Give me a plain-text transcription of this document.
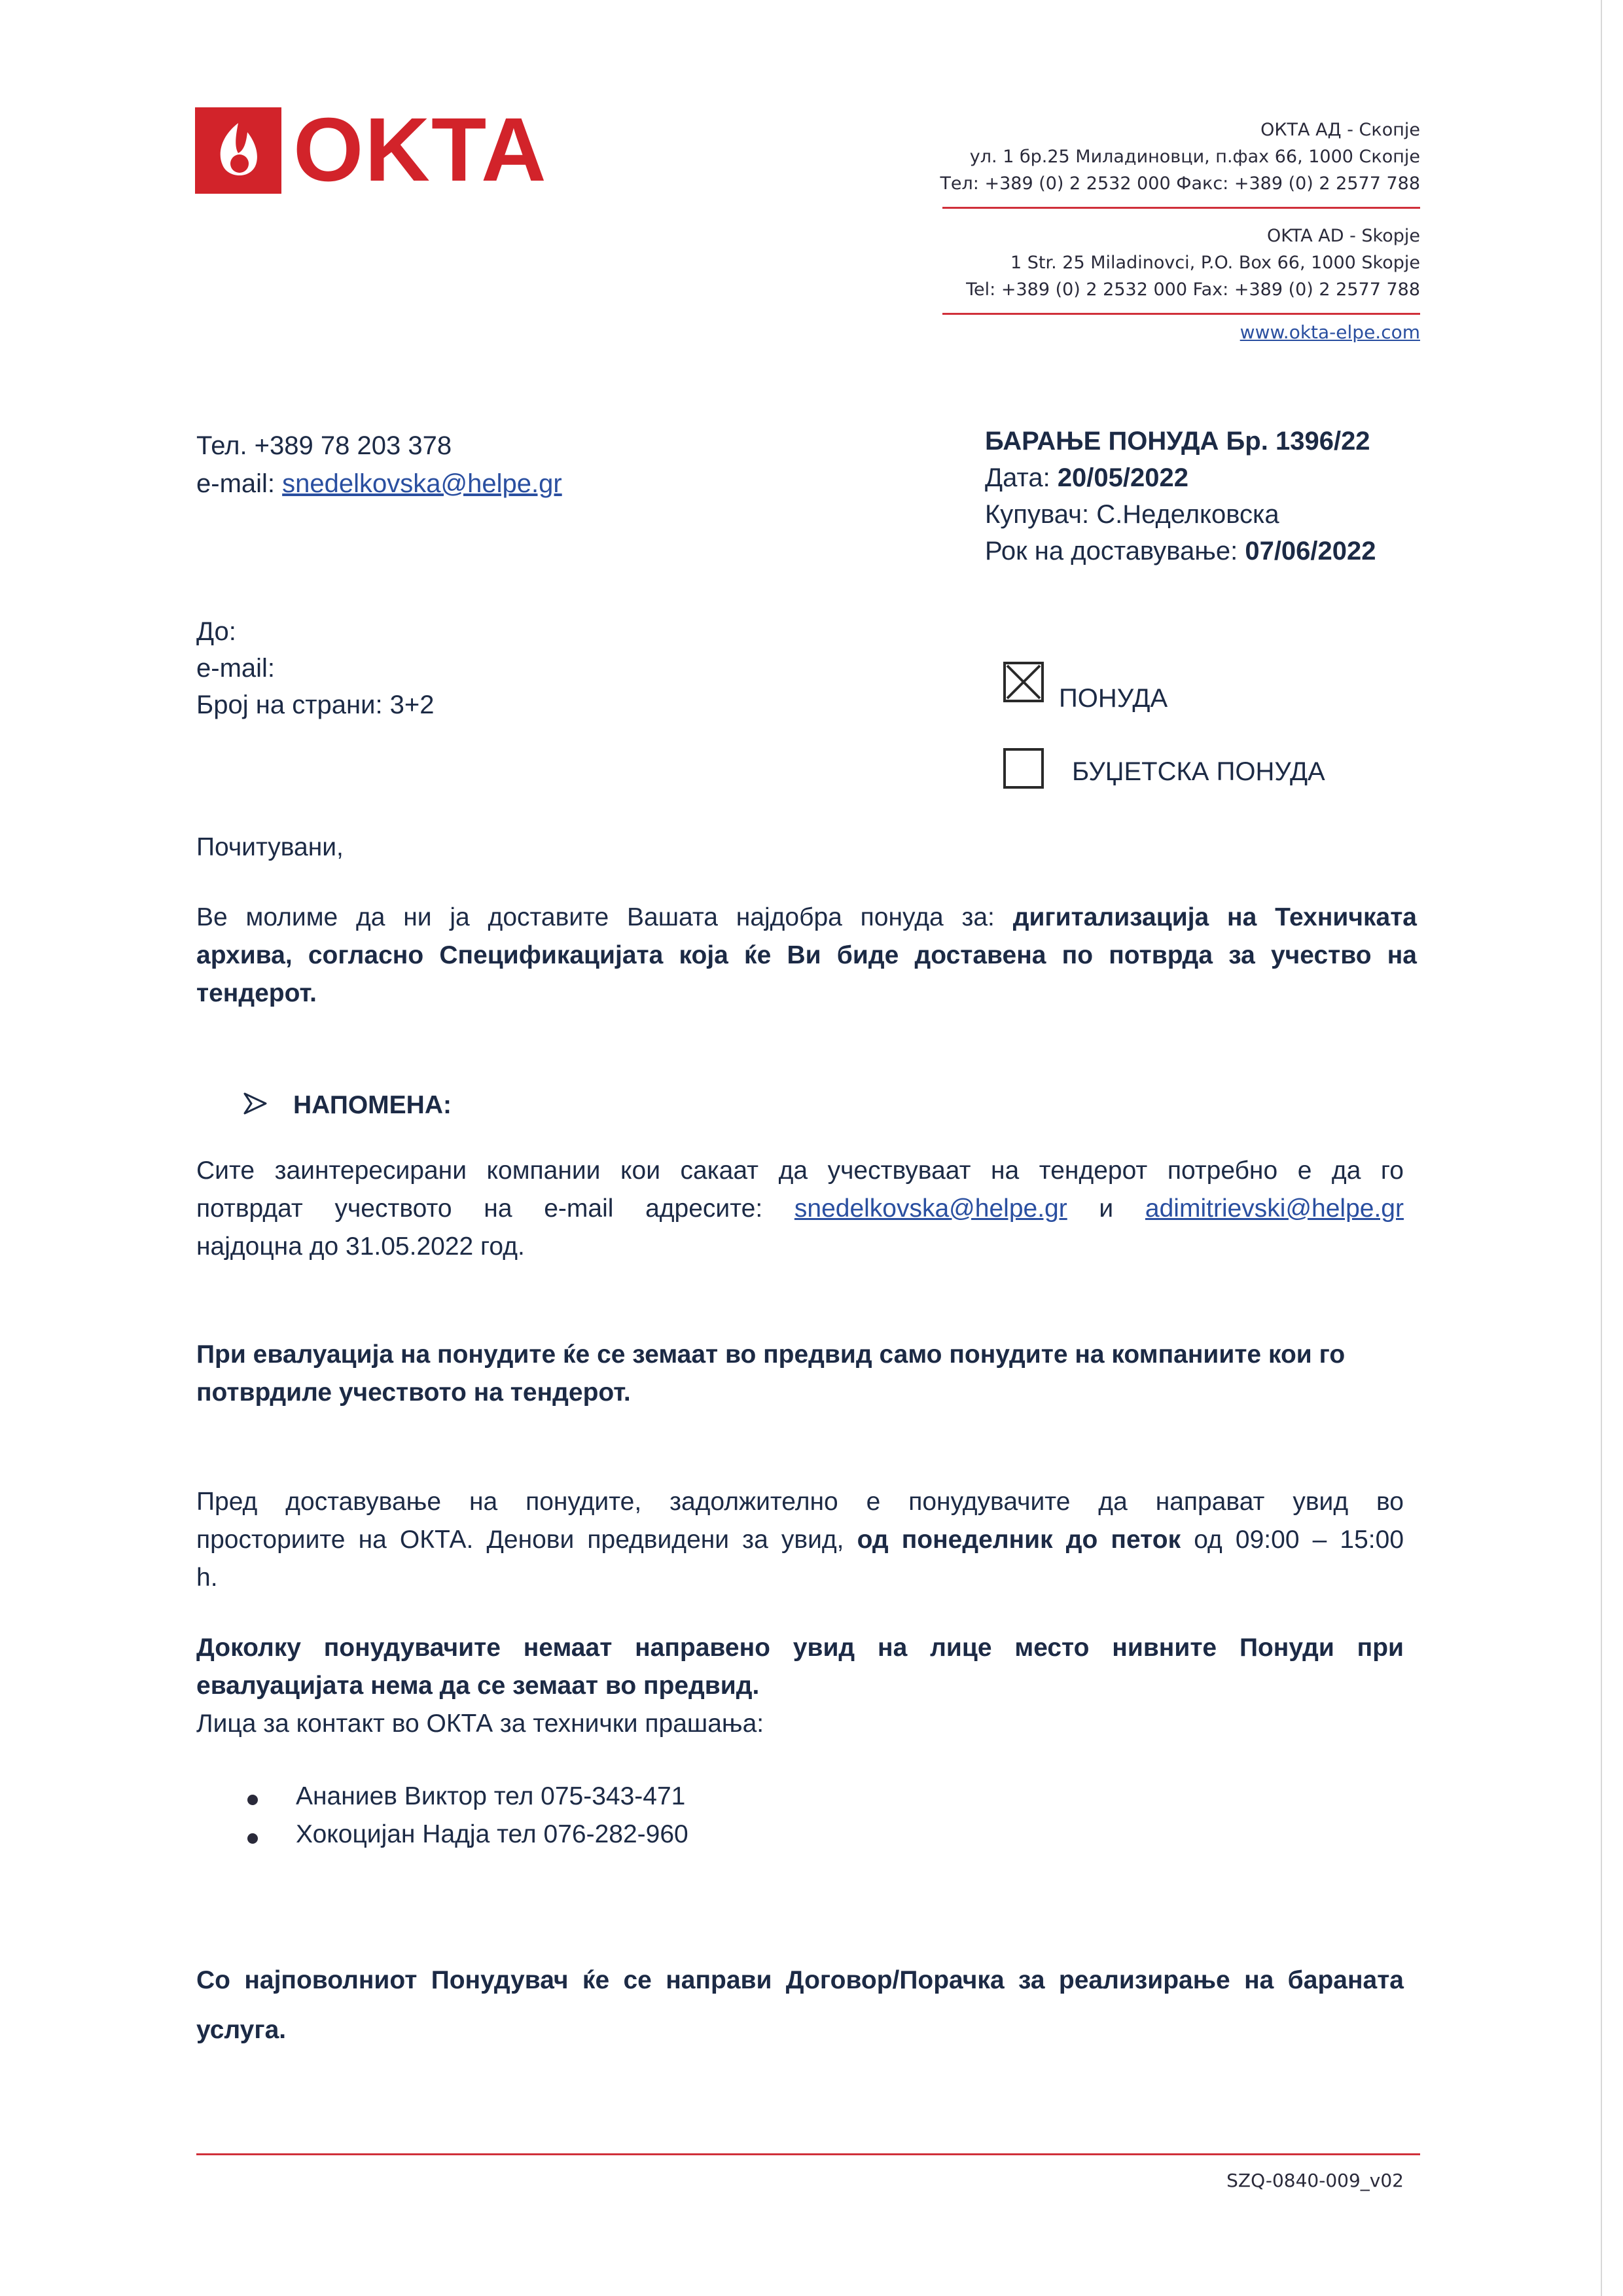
OKTA	ОКТА АД - Скопје
ул. 1 бр.25 Миладиновци, п.фах 66, 1000 Скопје
Тел: +389 (0) 2 2532 000 Факс: +389 (0) 2 2577 788
OKTA AD - Skopje
1 Str. 25 Miladinovci, P.O. Box 66, 1000 Skopje
Tel: +389 (0) 2 2532 000 Fax: +389 (0) 2 2577 788
www.okta-elpe.com
Тел. +389 78 203 378
e-mail: snedelkovska@helpe.gr
БАРАЊЕ ПОНУДА Бр. 1396/22
Дата: 20/05/2022
Купувач: С.Неделковска
Рок на доставување: 07/06/2022
До:
e-mail:
Број на страни: 3+2	ПОНУДА
БУЏЕТСКА ПОНУДА
Почитувани,
Ве молиме да ни ја доставите Вашата најдобра понуда за: дигитализација на Техничката
архива, согласно Спецификацијата која ќе Ви биде доставена по потврда за учество на
тендерот.
НАПОМЕНА:
Сите заинтересирани компании кои сакаат да учествуваат на тендерот потребно е да го
потврдат учеството на e-mail адресите: snedelkovska@helpe.gr и adimitrievski@helpe.gr
најдоцна до 31.05.2022 год.
При евалуација на понудите ќе се земаат во предвид само понудите на компаниите кои го
потврдиле учеството на тендерот.
Пред доставување на понудите, задолжително е понудувачите да направат увид во
просториите на ОКТА. Денови предвидени за увид, од понеделник до петок од 09:00 – 15:00
h.
Доколку понудувачите немаат направено увид на лице место нивните Понуди при
евалуацијата нема да се земаат во предвид.
Лица за контакт во ОКТА за технички прашања:
Ананиев Виктор тел 075-343-471
Хокоцијан Надја тел 076-282-960
Со најповолниот Понудувач ќе се направи Договор/Порачка за реализирање на бараната
услуга.
SZQ-0840-009_v02
